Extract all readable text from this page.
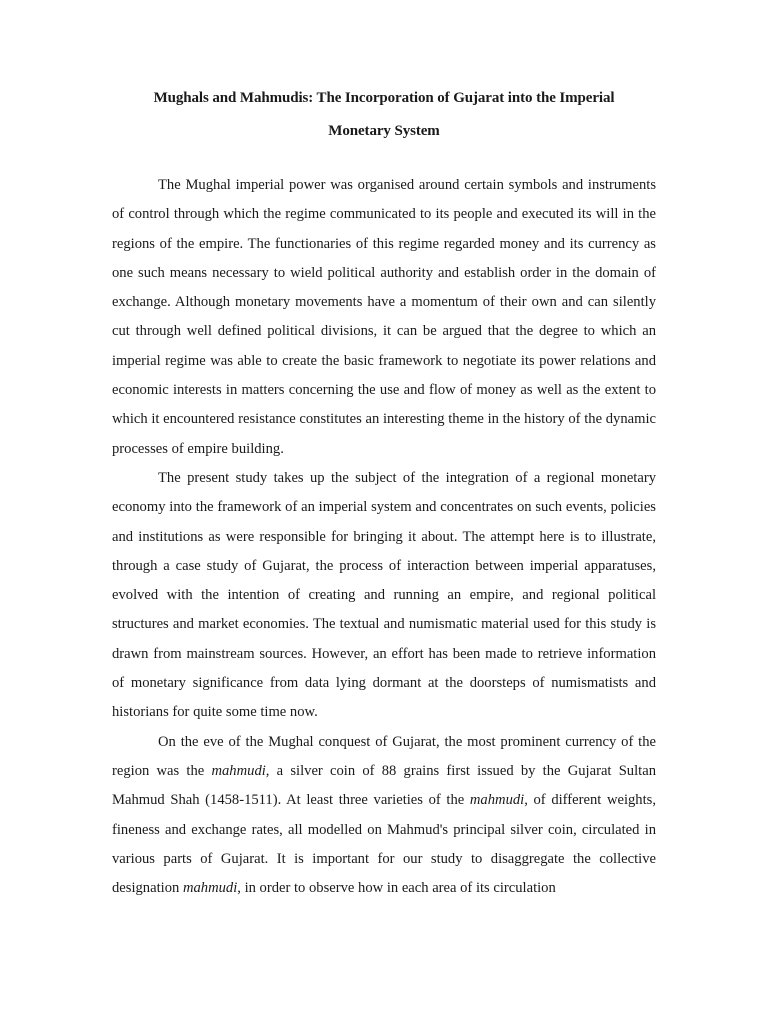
Mughals and Mahmudis: The Incorporation of Gujarat into the Imperial
Monetary System

The Mughal imperial power was organised around certain symbols and instruments of control through which the regime communicated to its people and executed its will in the regions of the empire. The functionaries of this regime regarded money and its currency as one such means necessary to wield political authority and establish order in the domain of exchange. Although monetary movements have a momentum of their own and can silently cut through well defined political divisions, it can be argued that the degree to which an imperial regime was able to create the basic framework to negotiate its power relations and economic interests in matters concerning the use and flow of money as well as the extent to which it encountered resistance constitutes an interesting theme in the history of the dynamic processes of empire building.

The present study takes up the subject of the integration of a regional monetary economy into the framework of an imperial system and concentrates on such events, policies and institutions as were responsible for bringing it about. The attempt here is to illustrate, through a case study of Gujarat, the process of interaction between imperial apparatuses, evolved with the intention of creating and running an empire, and regional political structures and market economies. The textual and numismatic material used for this study is drawn from mainstream sources. However, an effort has been made to retrieve information of monetary significance from data lying dormant at the doorsteps of numismatists and historians for quite some time now.

On the eve of the Mughal conquest of Gujarat, the most prominent currency of the region was the mahmudi, a silver coin of 88 grains first issued by the Gujarat Sultan Mahmud Shah (1458-1511). At least three varieties of the mahmudi, of different weights, fineness and exchange rates, all modelled on Mahmud's principal silver coin, circulated in various parts of Gujarat. It is important for our study to disaggregate the collective designation mahmudi, in order to observe how in each area of its circulation
